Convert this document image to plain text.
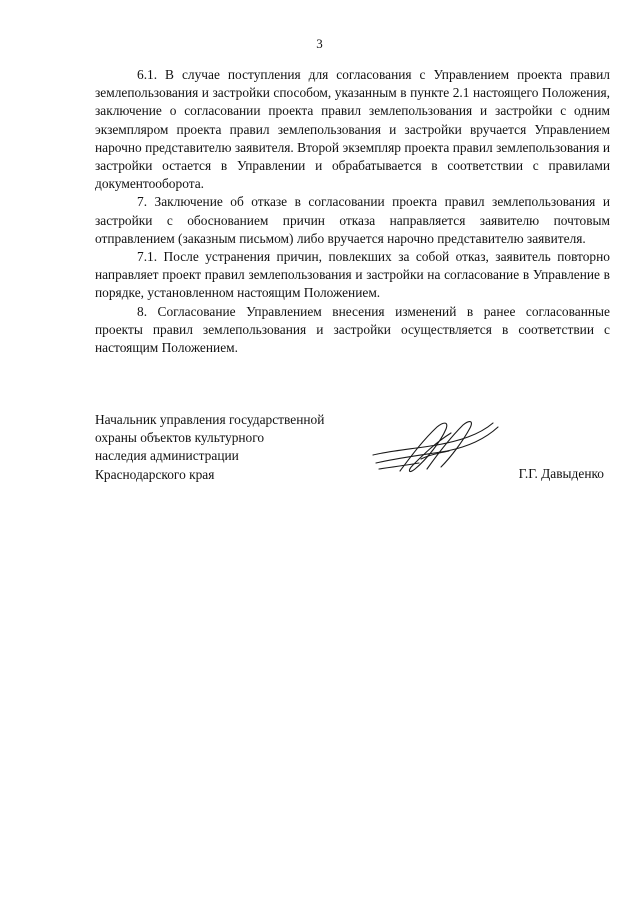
3

6.1. В случае поступления для согласования с Управлением проекта правил землепользования и застройки способом, указанным в пункте 2.1 настоящего Положения, заключение о согласовании проекта правил землепользования и застройки с одним экземпляром проекта правил землепользования и застройки вручается Управлением нарочно представителю заявителя. Второй экземпляр проекта правил землепользования и застройки остается в Управлении и обрабатывается в соответствии с правилами документооборота.

7. Заключение об отказе в согласовании проекта правил землепользования и застройки с обоснованием причин отказа направляется заявителю почтовым отправлением (заказным письмом) либо вручается нарочно представителю заявителя.

7.1. После устранения причин, повлекших за собой отказ, заявитель повторно направляет проект правил землепользования и застройки на согласование в Управление в порядке, установленном настоящим Положением.

8. Согласование Управлением внесения изменений в ранее согласованные проекты правил землепользования и застройки осуществляется в соответствии с настоящим Положением.

Начальник управления государственной
охраны объектов культурного
наследия администрации
Краснодарского края	Г.Г. Давыденко
